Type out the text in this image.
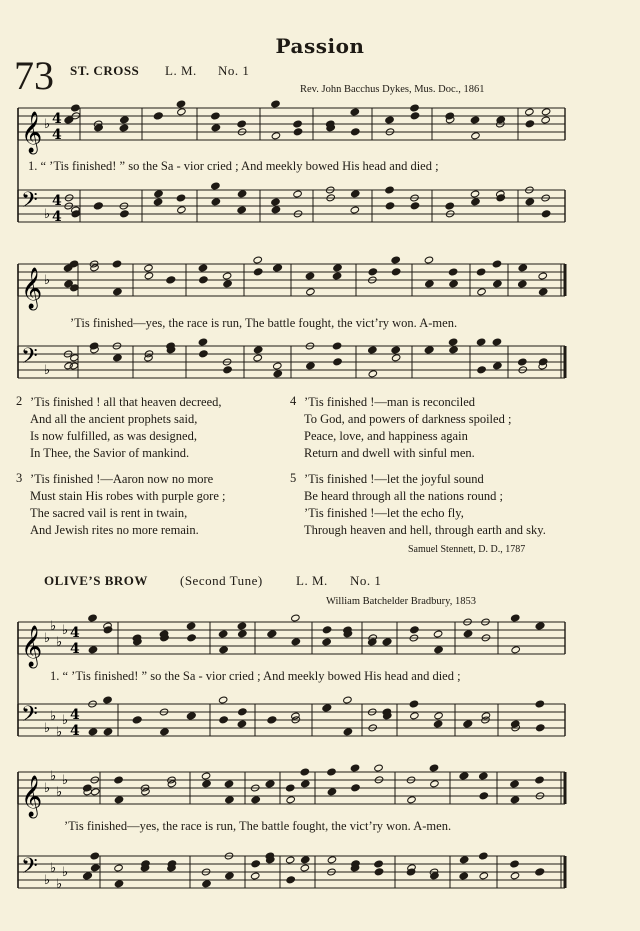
Passion
73 ST. CROSS L. M. No. 1
Rev. John Bacchus Dykes, Mus. Doc., 1861
𝄞 ♭ 4
4
𝄢 ♭
4
4
1. “ ’Tis finished! ” so the Sa - vior cried ; And meekly bowed His head and died ;
𝄞 ♭
𝄢 ♭
’Tis finished—yes, the race is run, The battle fought, the vict’ry won. A-men.
2 ’Tis finished ! all that heaven decreed,
And all the ancient prophets said,
Is now fulfilled, as was designed,
In Thee, the Savior of mankind.
3 ’Tis finished !—Aaron now no more
Must stain His robes with purple gore ;
The sacred vail is rent in twain,
And Jewish rites no more remain.
4 ’Tis finished !—man is reconciled
To God, and powers of darkness spoiled ;
Peace, love, and happiness again
Return and dwell with sinful men.
5 ’Tis finished !—let the joyful sound
Be heard through all the nations round ;
’Tis finished !—let the echo fly,
Through heaven and hell, through earth and sky.
Samuel Stennett, D. D., 1787
OLIVE’S BROW (Second Tune)	L. M. No. 1
William Batchelder Bradbury, 1853
𝄞 ♭
♭
♭
♭ 4
4
𝄢 ♭
♭
♭
♭ 4
4
1. “ ’Tis finished! ” so the Sa - vior cried ; And meekly bowed His head and died ;
𝄞 ♭
♭
♭
♭
𝄢 ♭
♭
♭
♭
’Tis finished—yes, the race is run, The battle fought, the vict’ry won. A-men.
